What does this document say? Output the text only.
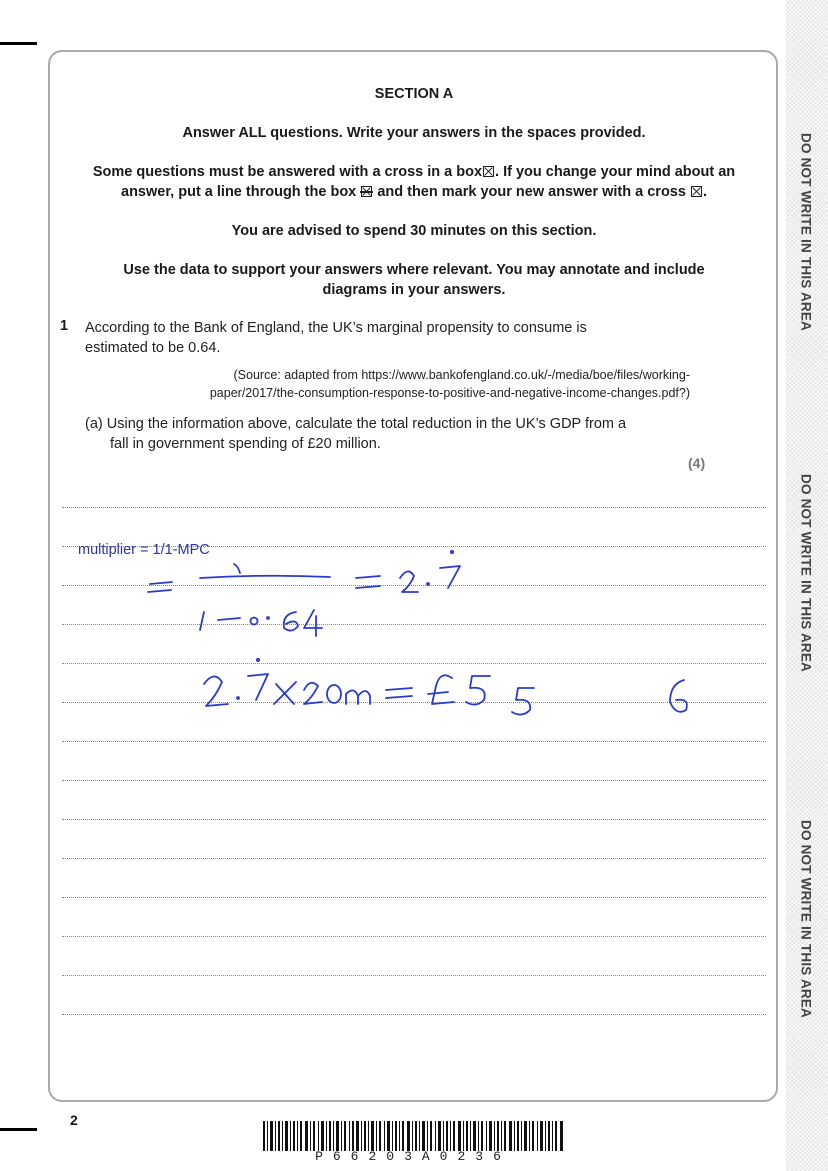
DO NOT WRITE IN THIS AREA
DO NOT WRITE IN THIS AREA
DO NOT WRITE IN THIS AREA
SECTION A
Answer ALL questions. Write your answers in the spaces provided.
Some questions must be answered with a cross in a box☒. If you change your mind about an
answer, put a line through the box and then mark your new answer with a cross ☒.
You are advised to spend 30 minutes on this section.
Use the data to support your answers where relevant. You may annotate and include
diagrams in your answers.
1 According to the Bank of England, the UK’s marginal propensity to consume is
estimated to be 0.64.
(Source: adapted from https://www.bankofengland.co.uk/-/media/boe/files/working-
paper/2017/the-consumption-response-to-positive-and-negative-income-changes.pdf?)
(a) Using the information above, calculate the total reduction in the UK’s GDP from a
fall in government spending of £20 million.
(4)
multiplier = 1/1-MPC
2
P66203A0236
